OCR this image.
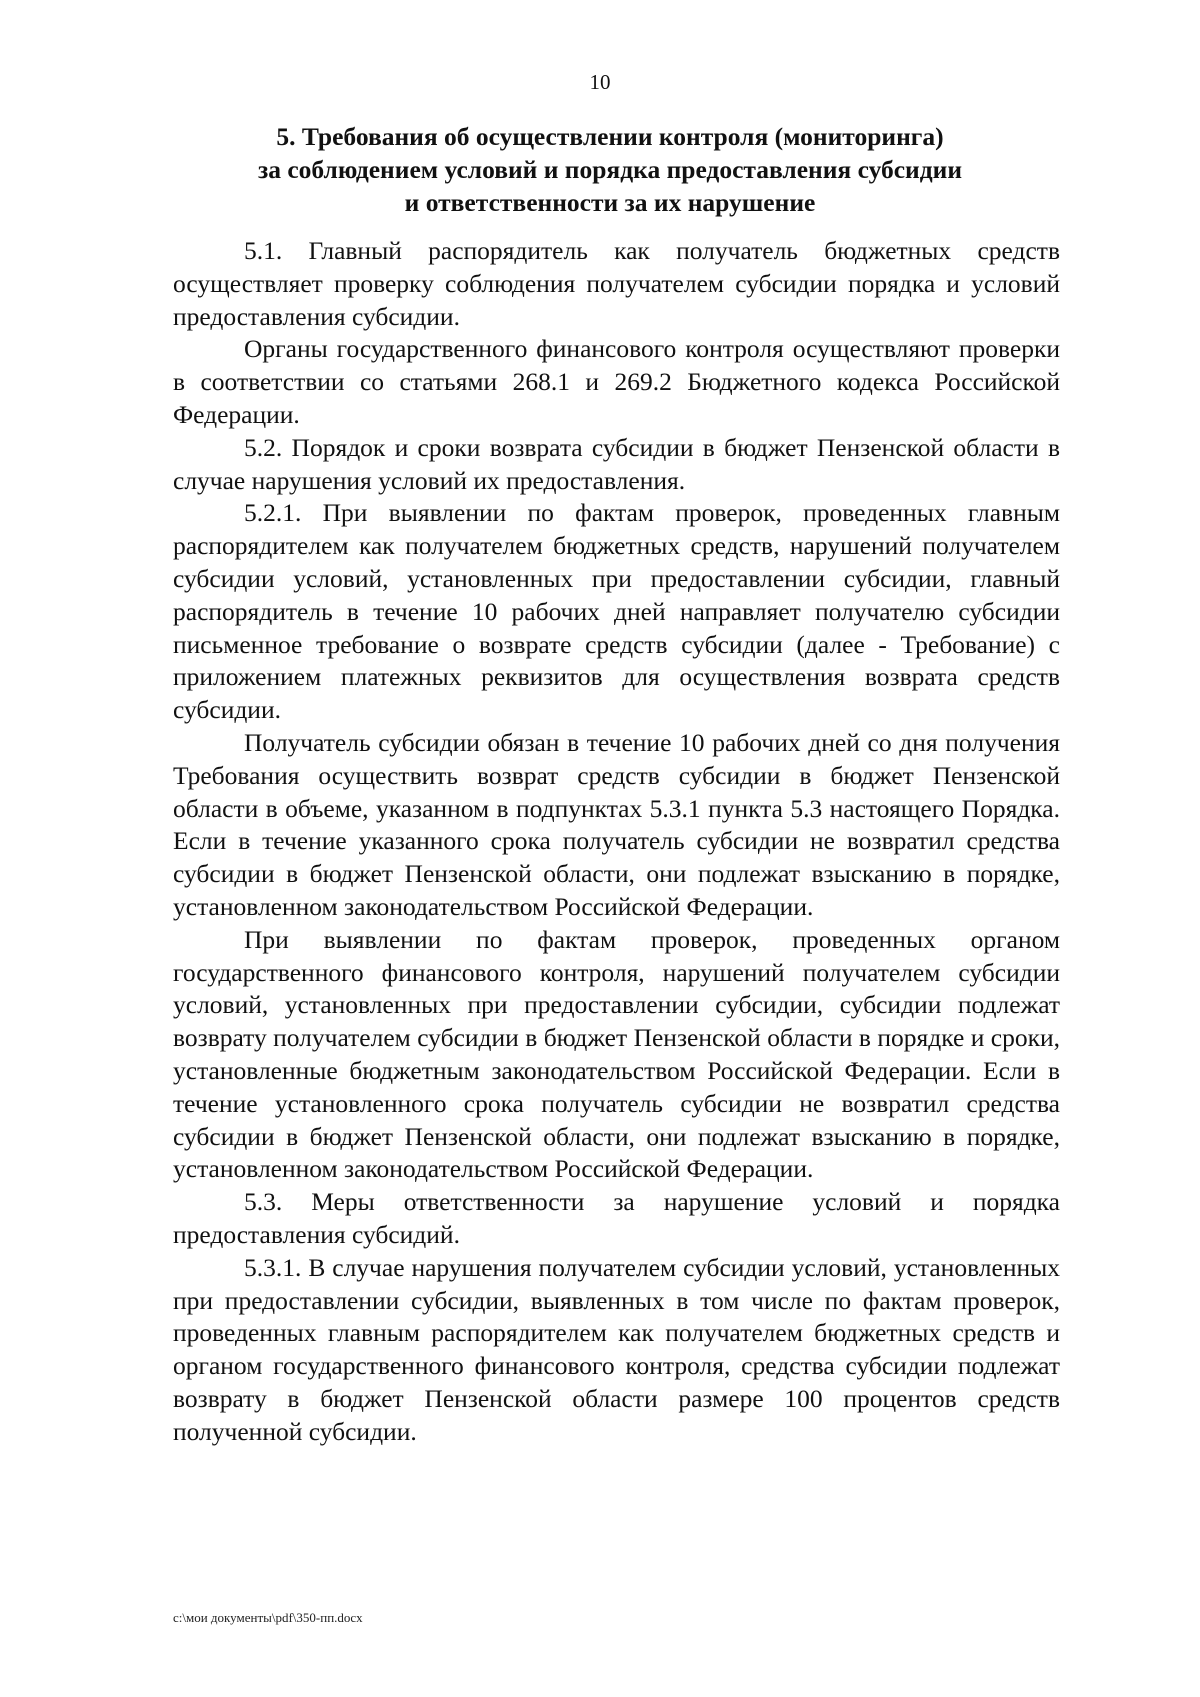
10
5. Требования об осуществлении контроля (мониторинга)
за соблюдением условий и порядка предоставления субсидии
и ответственности за их нарушение

5.1. Главный распорядитель как получатель бюджетных средств осуществляет проверку соблюдения получателем субсидии порядка и условий предоставления субсидии.

Органы государственного финансового контроля осуществляют проверки в соответствии со статьями 268.1 и 269.2 Бюджетного кодекса Российской Федерации.

5.2. Порядок и сроки возврата субсидии в бюджет Пензенской области в случае нарушения условий их предоставления.

5.2.1. При выявлении по фактам проверок, проведенных главным распорядителем как получателем бюджетных средств, нарушений получателем субсидии условий, установленных при предоставлении субсидии, главный распорядитель в течение 10 рабочих дней направляет получателю субсидии письменное требование о возврате средств субсидии (далее - Требование) с приложением платежных реквизитов для осуществления возврата средств субсидии.

Получатель субсидии обязан в течение 10 рабочих дней со дня получения Требования осуществить возврат средств субсидии в бюджет Пензенской области в объеме, указанном в подпунктах 5.3.1 пункта 5.3 настоящего Порядка. Если в течение указанного срока получатель субсидии не возвратил средства субсидии в бюджет Пензенской области, они подлежат взысканию в порядке, установленном законодательством Российской Федерации.

При выявлении по фактам проверок, проведенных органом государственного финансового контроля, нарушений получателем субсидии условий, установленных при предоставлении субсидии, субсидии подлежат возврату получателем субсидии в бюджет Пензенской области в порядке и сроки, установленные бюджетным законодательством Российской Федерации. Если в течение установленного срока получатель субсидии не возвратил средства субсидии в бюджет Пензенской области, они подлежат взысканию в порядке, установленном законодательством Российской Федерации.

5.3. Меры ответственности за нарушение условий и порядка предоставления субсидий.

5.3.1. В случае нарушения получателем субсидии условий, установленных при предоставлении субсидии, выявленных в том числе по фактам проверок, проведенных главным распорядителем как получателем бюджетных средств и органом государственного финансового контроля, средства субсидии подлежат возврату в бюджет Пензенской области размере 100 процентов средств полученной субсидии.

c:\мои документы\pdf\350-пп.docx
